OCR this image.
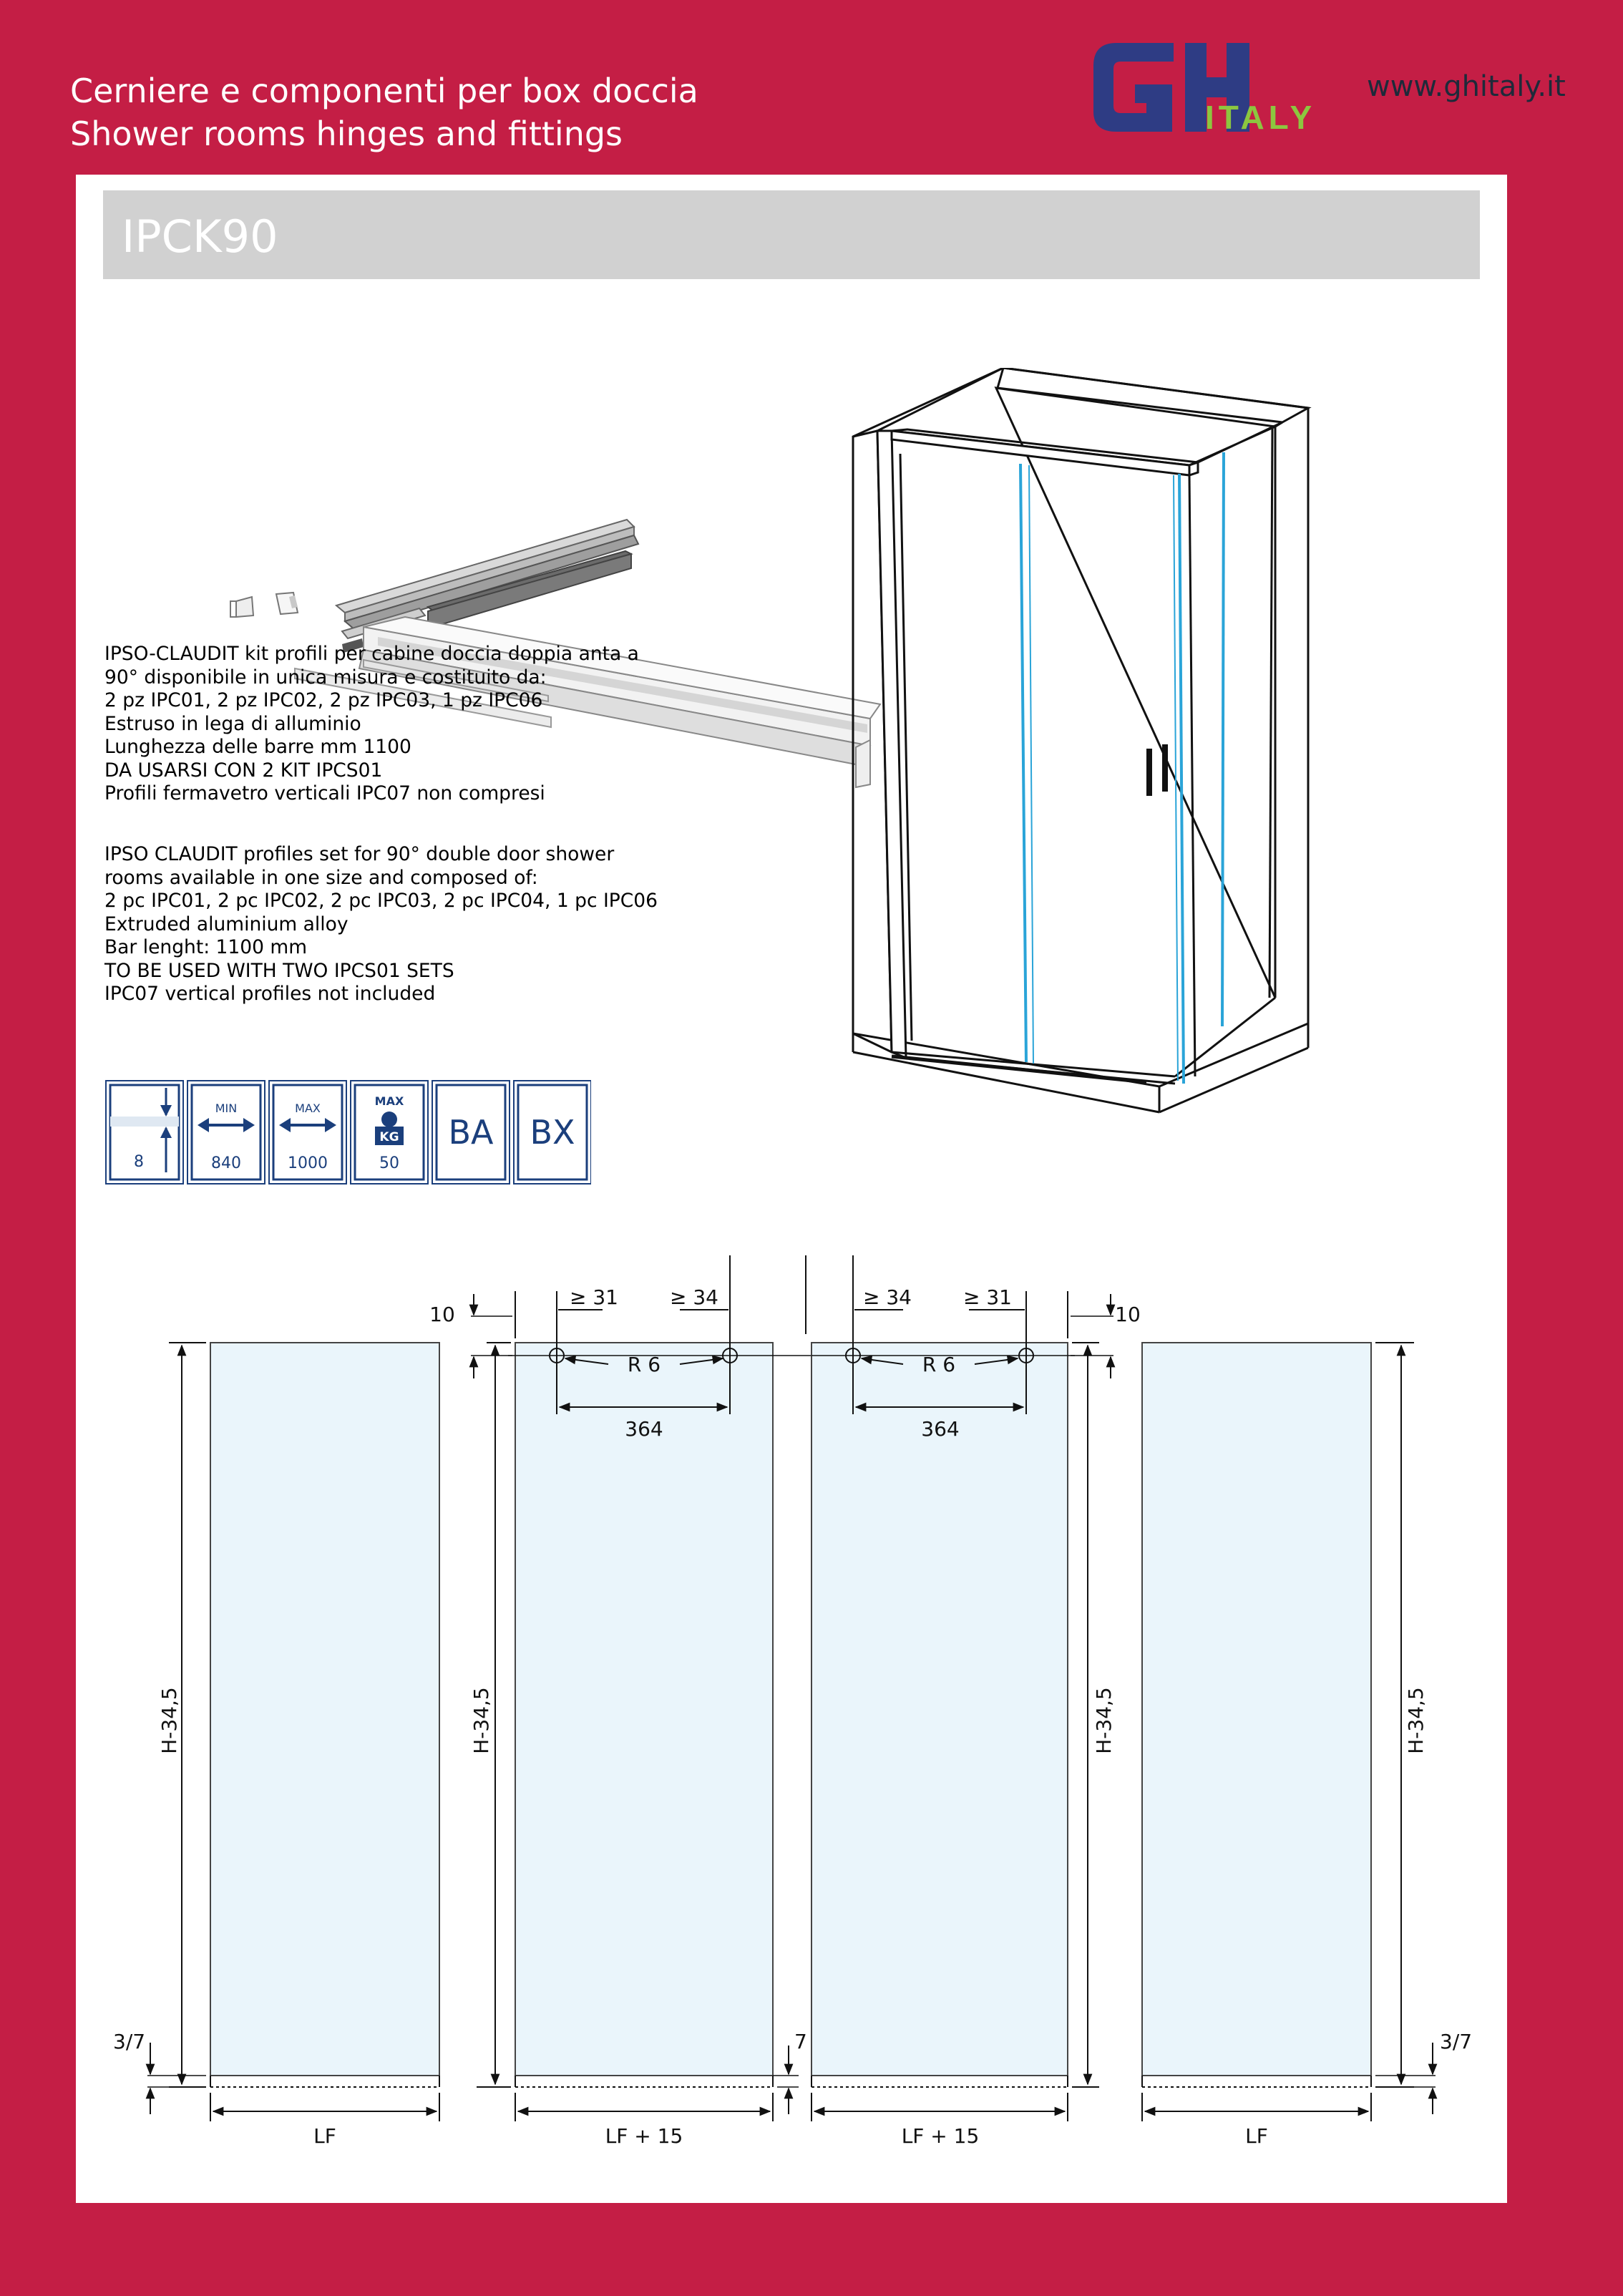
Cerniere e componenti per box doccia
Shower rooms hinges and fittings	ITALY
www.ghitaly.it
IPCK90
IPSO-CLAUDIT kit profili per cabine doccia doppia anta a
90° disponibile in unica misura e costituito da:
2 pz IPC01, 2 pz IPC02, 2 pz IPC03, 1 pz IPC06
Estruso in lega di alluminio
Lunghezza delle barre mm 1100
DA USARSI CON 2 KIT IPCS01
Profili fermavetro verticali IPC07 non compresi
IPSO CLAUDIT profiles set for 90° double door shower
rooms available in one size and composed of:
2 pc IPC01, 2 pc IPC02, 2 pc IPC03, 2 pc IPC04, 1 pc IPC06
Extruded aluminium alloy
Bar lenght: 1100 mm
TO BE USED WITH TWO IPCS01 SETS
IPC07 vertical profiles not included
8
MIN
840
MAX
1000
MAX
KG
50
BA BX
H-34,5
3/7
LF
H-34,5
10
≥ 31	≥ 34
R 6
364
7
LF + 15
H-34,5
10
≥ 34	≥ 31
R 6
364
LF + 15
H-34,5
3/7
LF
